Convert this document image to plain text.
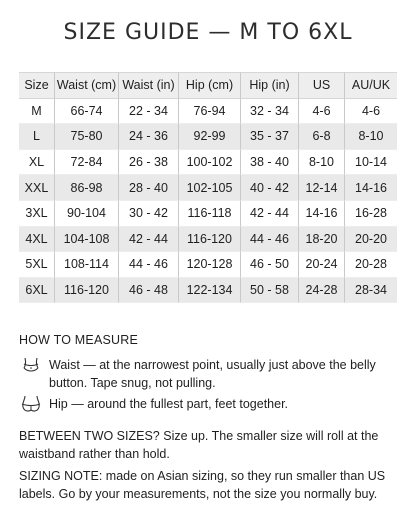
SIZE GUIDE — M TO 6XL
Size	Waist (cm)	Waist (in)	Hip (cm)	Hip (in)	US	AU/UK
M	66-74	22 - 34	76-94	32 - 34	4-6	4-6
L	75-80	24 - 36	92-99	35 - 37	6-8	8-10
XL	72-84	26 - 38	100-102	38 - 40	8-10	10-14
XXL	86-98	28 - 40	102-105	40 - 42	12-14	14-16
3XL	90-104	30 - 42	116-118	42 - 44	14-16	16-28
4XL	104-108	42 - 44	116-120	44 - 46	18-20	20-20
5XL	108-114	44 - 46	120-128	46 - 50	20-24	20-28
6XL	116-120	46 - 48	122-134	50 - 58	24-28	28-34
HOW TO MEASURE
Waist — at the narrowest point, usually just above the belly button. Tape snug, not pulling.
Hip — around the fullest part, feet together.
BETWEEN TWO SIZES? Size up. The smaller size will roll at the waistband rather than hold.
SIZING NOTE: made on Asian sizing, so they run smaller than US labels. Go by your measurements, not the size you normally buy.
